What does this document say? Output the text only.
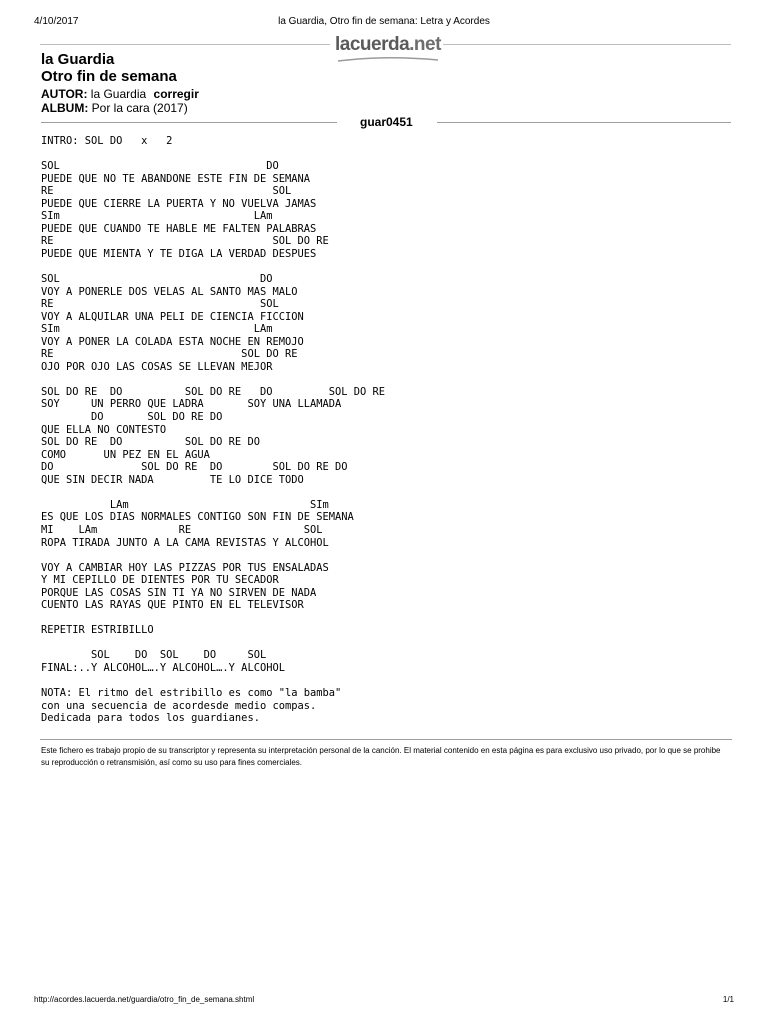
4/10/2017	la Guardia, Otro fin de semana: Letra y Acordes
lacuerda.net
la Guardia
Otro fin de semana
AUTOR: la Guardia corregir
ALBUM: Por la cara (2017)
guar0451
INTRO: SOL DO   x   2

SOL                                 DO
PUEDE QUE NO TE ABANDONE ESTE FIN DE SEMANA
RE                                   SOL
PUEDE QUE CIERRE LA PUERTA Y NO VUELVA JAMAS
SIm                               LAm
PUEDE QUE CUANDO TE HABLE ME FALTEN PALABRAS
RE                                   SOL DO RE
PUEDE QUE MIENTA Y TE DIGA LA VERDAD DESPUES

SOL                                DO
VOY A PONERLE DOS VELAS AL SANTO MAS MALO
RE                                 SOL
VOY A ALQUILAR UNA PELI DE CIENCIA FICCION
SIm                               LAm
VOY A PONER LA COLADA ESTA NOCHE EN REMOJO
RE                              SOL DO RE
OJO POR OJO LAS COSAS SE LLEVAN MEJOR

SOL DO RE  DO          SOL DO RE   DO         SOL DO RE
SOY     UN PERRO QUE LADRA       SOY UNA LLAMADA
DO       SOL DO RE DO
QUE ELLA NO CONTESTO
SOL DO RE  DO          SOL DO RE DO
COMO      UN PEZ EN EL AGUA
DO              SOL DO RE  DO        SOL DO RE DO
QUE SIN DECIR NADA         TE LO DICE TODO

LAm                             SIm
ES QUE LOS DIAS NORMALES CONTIGO SON FIN DE SEMANA
MI    LAm             RE                  SOL
ROPA TIRADA JUNTO A LA CAMA REVISTAS Y ALCOHOL

VOY A CAMBIAR HOY LAS PIZZAS POR TUS ENSALADAS
Y MI CEPILLO DE DIENTES POR TU SECADOR
PORQUE LAS COSAS SIN TI YA NO SIRVEN DE NADA
CUENTO LAS RAYAS QUE PINTO EN EL TELEVISOR

REPETIR ESTRIBILLO

SOL    DO  SOL    DO     SOL
FINAL:..Y ALCOHOL….Y ALCOHOL….Y ALCOHOL

NOTA: El ritmo del estribillo es como "la bamba"
con una secuencia de acordesde medio compas.
Dedicada para todos los guardianes.
Este fichero es trabajo propio de su transcriptor y representa su interpretación personal de la canción. El material contenido en esta página es para exclusivo uso privado, por lo que se prohibe su reproducción o retransmisión, así como su uso para fines comerciales.
http://acordes.lacuerda.net/guardia/otro_fin_de_semana.shtml	1/1
